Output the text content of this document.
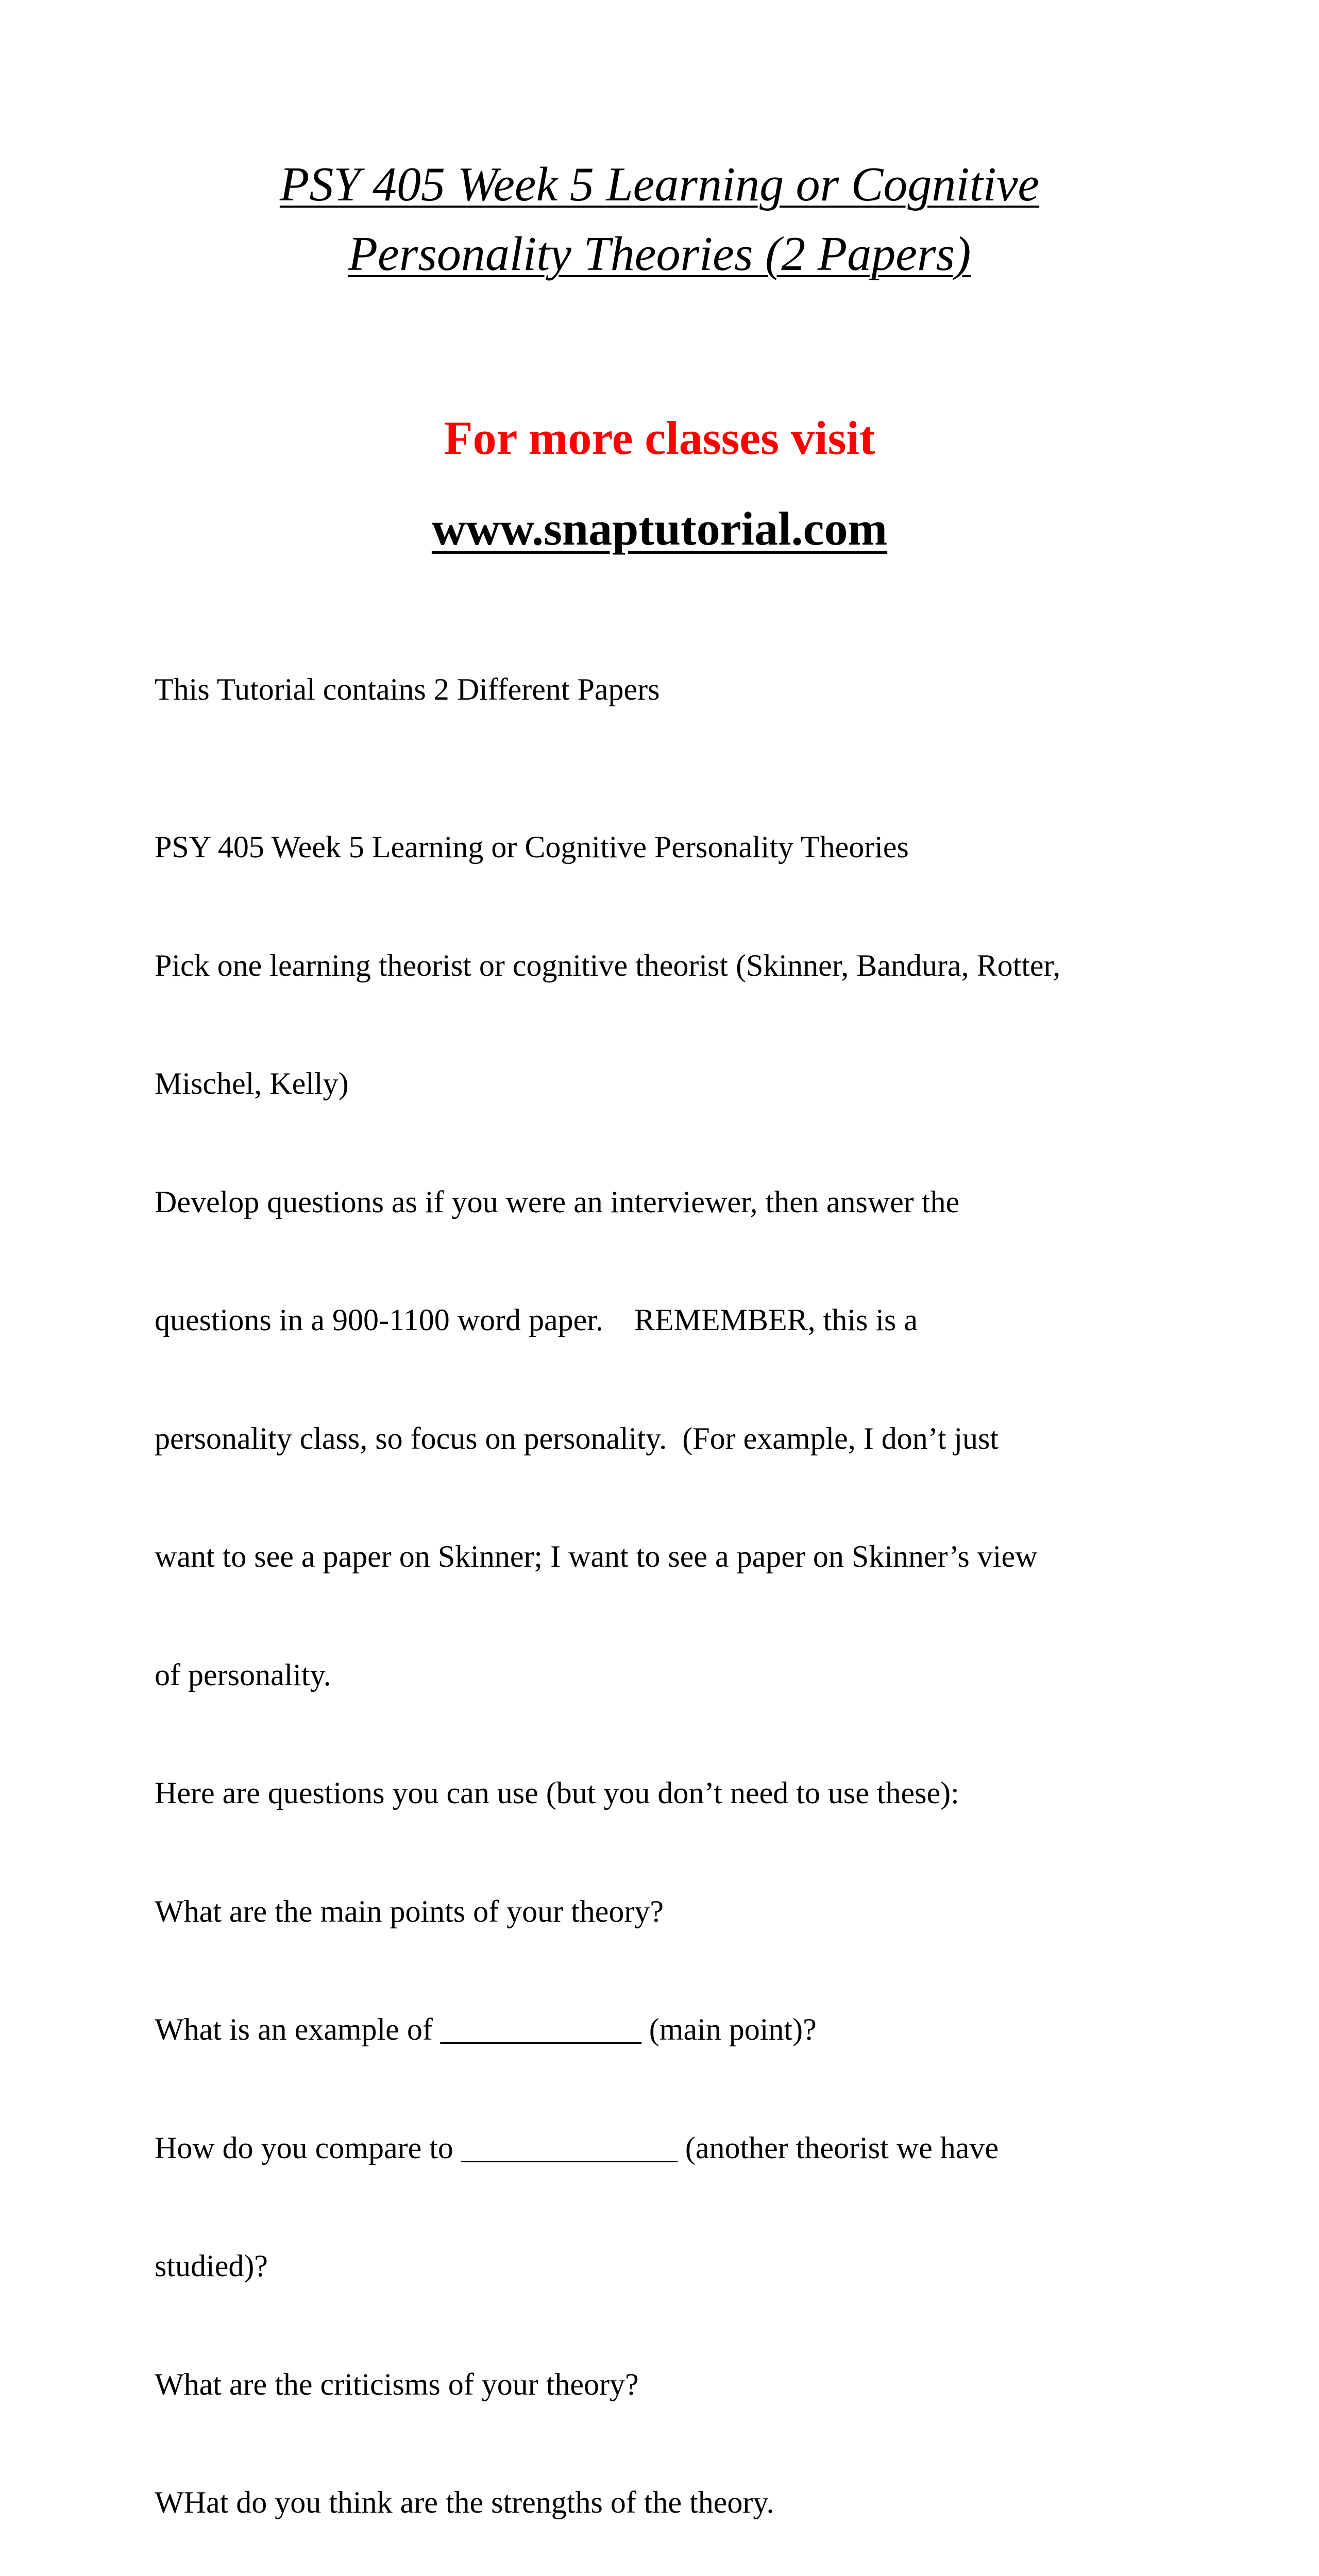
PSY 405 Week 5 Learning or Cognitive
Personality Theories (2 Papers)

For more classes visit

www.snaptutorial.com
This Tutorial contains 2 Different Papers

PSY 405 Week 5 Learning or Cognitive Personality Theories

Pick one learning theorist or cognitive theorist (Skinner, Bandura, Rotter,

Mischel, Kelly)

Develop questions as if you were an interviewer, then answer the

questions in a 900-1100 word paper.    REMEMBER, this is a

personality class, so focus on personality.  (For example, I don’t just

want to see a paper on Skinner; I want to see a paper on Skinner’s view

of personality.

Here are questions you can use (but you don’t need to use these):

What are the main points of your theory?

What is an example of _____________ (main point)?

How do you compare to ______________ (another theorist we have

studied)?

What are the criticisms of your theory?

WHat do you think are the strengths of the theory.
